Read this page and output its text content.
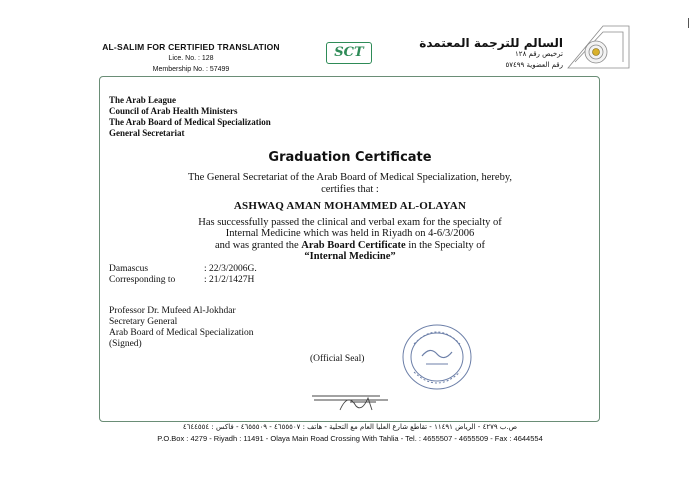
AL-SALIM FOR CERTIFIED TRANSLATION
Lice. No. : 128
Membership No. : 57499
SCT
السالم للترجمة المعتمدة
ترخيص رقم ١٢٨
رقم العضوية ٥٧٤٩٩
The Arab League
Council of Arab Health Ministers
The Arab Board of Medical Specialization
General Secretariat
Graduation Certificate
The General Secretariat of the Arab Board of Medical Specialization, hereby,
certifies that :
ASHWAQ AMAN MOHAMMED AL-OLAYAN
Has successfully passed the clinical and verbal exam for the specialty of
Internal Medicine which was held in Riyadh on 4-6/3/2006
and was granted the Arab Board Certificate in the Specialty of
“Internal Medicine”
Damascus	: 22/3/2006G.
Corresponding to	: 21/2/1427H
Professor Dr. Mufeed Al-Jokhdar
Secretary General
Arab Board of Medical Specialization
(Signed)
(Official Seal)
ص.ب ٤٢٧٩ - الرياض ١١٤٩١ - تقاطع شارع العليا العام مع التحلية - هاتف : ٤٦٥٥٥٠٧ - ٤٦٥٥٥٠٩ - فاكس : ٤٦٤٤٥٥٤
P.O.Box : 4279 - Riyadh : 11491 - Olaya Main Road Crossing With Tahlia - Tel. : 4655507 - 4655509 - Fax : 4644554
